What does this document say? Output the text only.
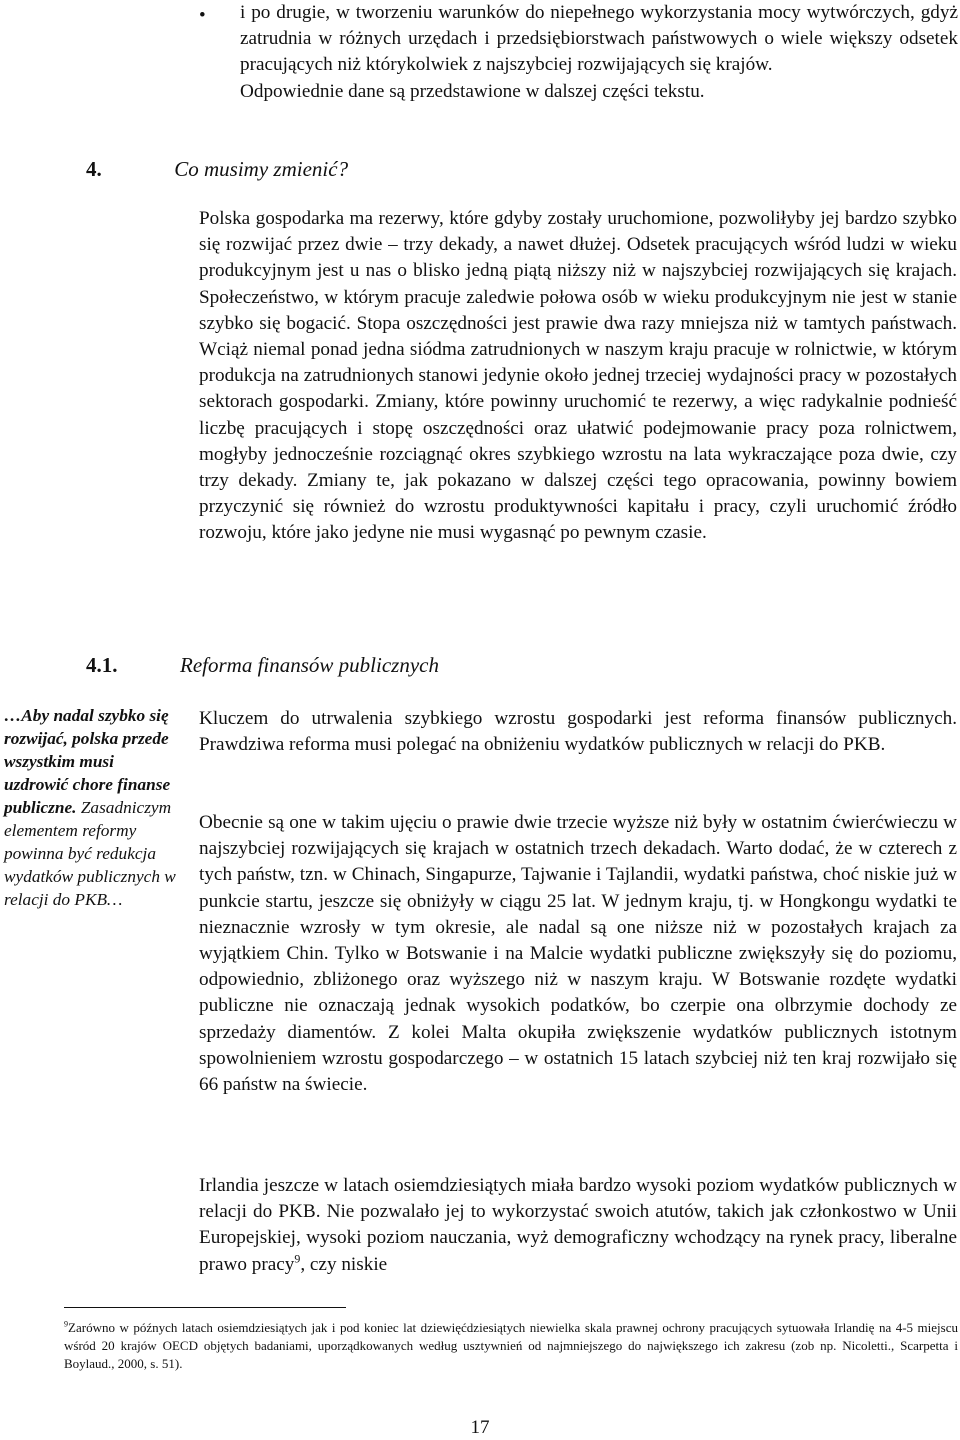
• i po drugie, w tworzeniu warunków do niepełnego wykorzystania mocy wytwórczych, gdyż zatrudnia w różnych urzędach i przedsiębiorstwach państwowych o wiele większy odsetek pracujących niż którykolwiek z najszybciej rozwijających się krajów.

Odpowiednie dane są przedstawione w dalszej części tekstu.

4.	Co musimy zmienić?

Polska gospodarka ma rezerwy, które gdyby zostały uruchomione, pozwoliłyby jej bardzo szybko się rozwijać przez dwie – trzy dekady, a nawet dłużej. Odsetek pracujących wśród ludzi w wieku produkcyjnym jest u nas o blisko jedną piątą niższy niż w najszybciej rozwijających się krajach. Społeczeństwo, w którym pracuje zaledwie połowa osób w wieku produkcyjnym nie jest w stanie szybko się bogacić. Stopa oszczędności jest prawie dwa razy mniejsza niż w tamtych państwach. Wciąż niemal ponad jedna siódma zatrudnionych w naszym kraju pracuje w rolnictwie, w którym produkcja na zatrudnionych stanowi jedynie około jednej trzeciej wydajności pracy w pozostałych sektorach gospodarki. Zmiany, które powinny uruchomić te rezerwy, a więc radykalnie podnieść liczbę pracujących i stopę oszczędności oraz ułatwić podejmowanie pracy poza rolnictwem, mogłyby jednocześnie rozciągnąć okres szybkiego wzrostu na lata wykraczające poza dwie, czy trzy dekady. Zmiany te, jak pokazano w dalszej części tego opracowania, powinny bowiem przyczynić się również do wzrostu produktywności kapitału i pracy, czyli uruchomić źródło rozwoju, które jako jedyne nie musi wygasnąć po pewnym czasie.

4.1.	Reforma finansów publicznych
…Aby nadal szybko się rozwijać, polska przede wszystkim musi uzdrowić chore finanse publiczne. Zasadniczym elementem reformy powinna być redukcja wydatków publicznych w relacji do PKB…

Kluczem do utrwalenia szybkiego wzrostu gospodarki jest reforma finansów publicznych. Prawdziwa reforma musi polegać na obniżeniu wydatków publicznych w relacji do PKB.

Obecnie są one w takim ujęciu o prawie dwie trzecie wyższe niż były w ostatnim ćwierćwieczu w najszybciej rozwijających się krajach w ostatnich trzech dekadach. Warto dodać, że w czterech z tych państw, tzn. w Chinach, Singapurze, Tajwanie i Tajlandii, wydatki państwa, choć niskie już w punkcie startu, jeszcze się obniżyły w ciągu 25 lat. W jednym kraju, tj. w Hongkongu wydatki te nieznacznie wzrosły w tym okresie, ale nadal są one niższe niż w pozostałych krajach za wyjątkiem Chin. Tylko w Botswanie i na Malcie wydatki publiczne zwiększyły się do poziomu, odpowiednio, zbliżonego oraz wyższego niż w naszym kraju. W Botswanie rozdęte wydatki publiczne nie oznaczają jednak wysokich podatków, bo czerpie ona olbrzymie dochody ze sprzedaży diamentów. Z kolei Malta okupiła zwiększenie wydatków publicznych istotnym spowolnieniem wzrostu gospodarczego – w ostatnich 15 latach szybciej niż ten kraj rozwijało się 66 państw na świecie.

Irlandia jeszcze w latach osiemdziesiątych miała bardzo wysoki poziom wydatków publicznych w relacji do PKB. Nie pozwalało jej to wykorzystać swoich atutów, takich jak członkostwo w Unii Europejskiej, wysoki poziom nauczania, wyż demograficzny wchodzący na rynek pracy, liberalne prawo pracy$^9$, czy niskie

$^9$Zarówno w późnych latach osiemdziesiątych jak i pod koniec lat dziewięćdziesiątych niewielka skala prawnej ochrony pracujących sytuowała Irlandię na 4-5 miejscu wśród 20 krajów OECD objętych badaniami, uporządkowanych według usztywnień od najmniejszego do największego ich zakresu (zob np. Nicoletti., Scarpetta i Boylaud., 2000, s. 51).

17
